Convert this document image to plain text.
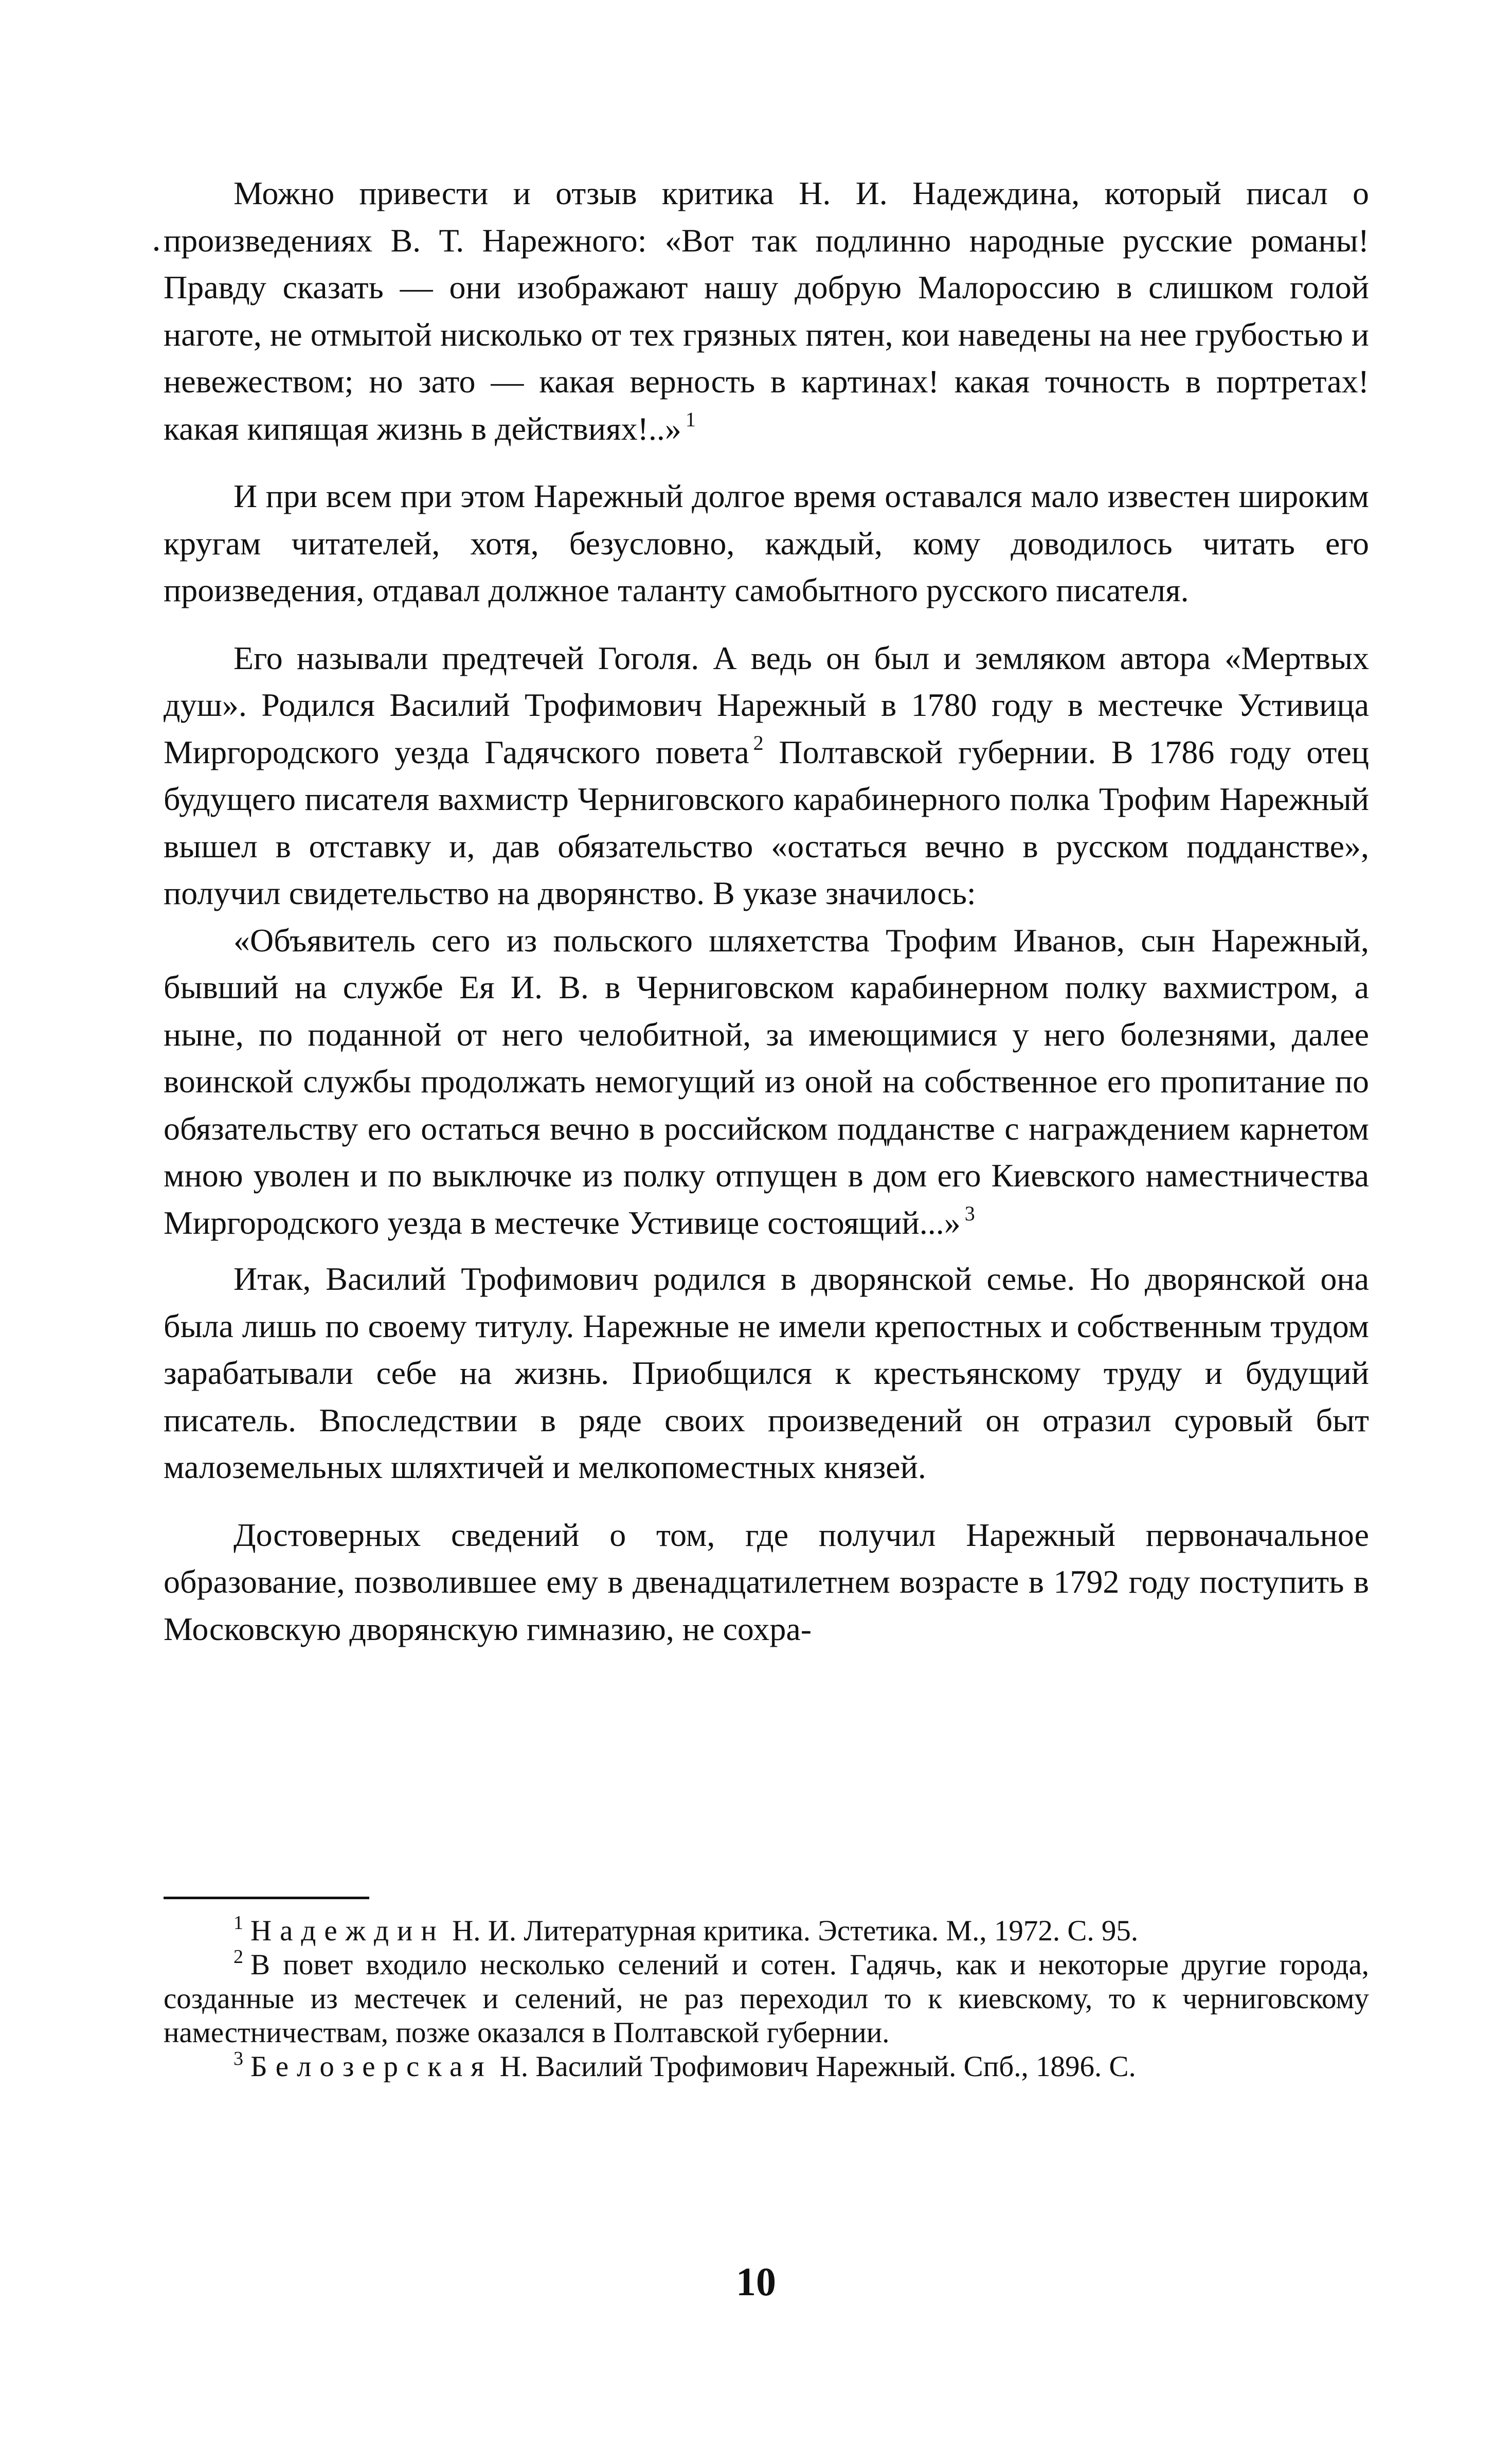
Можно привести и отзыв критика Н. И. Надеждина, который писал о произведениях В. Т. Нарежного: «Вот так подлинно народные русские романы! Правду сказать — они изображают нашу добрую Малороссию в слишком голой наготе, не отмытой нисколько от тех грязных пятен, кои наведены на нее грубостью и невежеством; но зато — какая верность в картинах! какая точность в портретах! какая кипящая жизнь в действиях!..» $^1$

И при всем при этом Нарежный долгое время оставался мало известен широким кругам читателей, хотя, безусловно, каждый, кому доводилось читать его произведения, отдавал должное таланту самобытного русского писателя.

Его называли предтечей Гоголя. А ведь он был и земляком автора «Мертвых душ». Родился Василий Трофимович Нарежный в 1780 году в местечке Устивица Миргородского уезда Гадячского повета $^2$ Полтавской губернии. В 1786 году отец будущего писателя вахмистр Черниговского карабинерного полка Трофим Нарежный вышел в отставку и, дав обязательство «остаться вечно в русском подданстве», получил свидетельство на дворянство. В указе значилось:

«Объявитель сего из польского шляхетства Трофим Иванов, сын Нарежный, бывший на службе Ея И. В. в Черниговском карабинерном полку вахмистром, а ныне, по поданной от него челобитной, за имеющимися у него болезнями, далее воинской службы продолжать немогущий из оной на собственное его пропитание по обязательству его остаться вечно в российском подданстве с награждением карнетом мною уволен и по выключке из полку отпущен в дом его Киевского наместничества Миргородского уезда в местечке Устивице состоящий...» $^3$

Итак, Василий Трофимович родился в дворянской семье. Но дворянской она была лишь по своему титулу. Нарежные не имели крепостных и собственным трудом зарабатывали себе на жизнь. Приобщился к крестьянскому труду и будущий писатель. Впоследствии в ряде своих произведений он отразил суровый быт малоземельных шляхтичей и мелкопоместных князей.

Достоверных сведений о том, где получил Нарежный первоначальное образование, позволившее ему в двенадцатилетнем возрасте в 1792 году поступить в Московскую дворянскую гимназию, не сохра-

$^1$ Надеждин Н. И. Литературная критика. Эстетика. М., 1972. С. 95.

$^2$ В повет входило несколько селений и сотен. Гадячь, как и некоторые другие города, созданные из местечек и селений, не раз переходил то к киевскому, то к черниговскому наместничествам, позже оказался в Полтавской губернии.

$^3$ Белозерская Н. Василий Трофимович Нарежный. Спб., 1896. С.

10
